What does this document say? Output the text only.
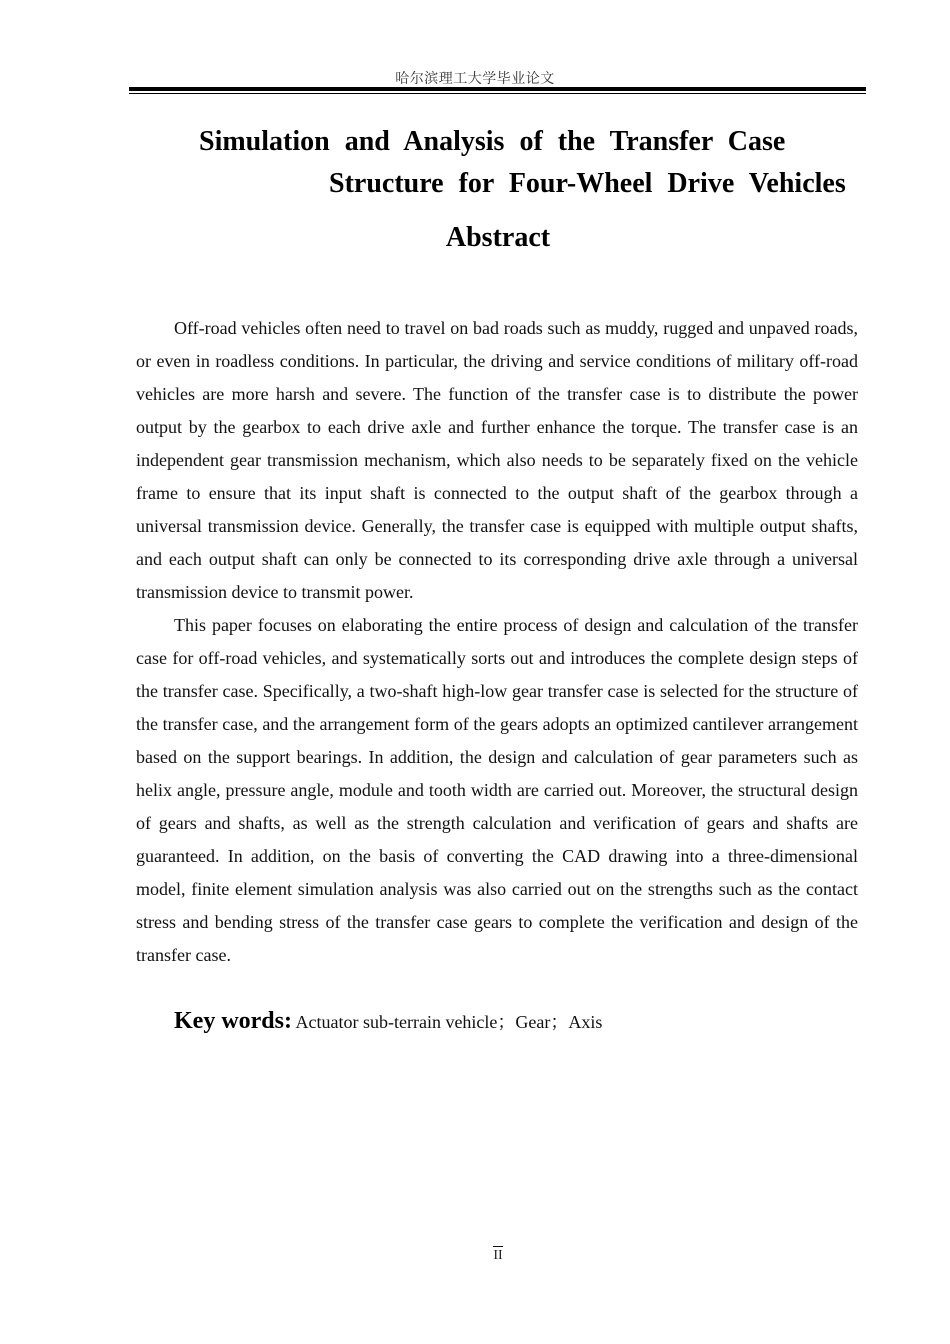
哈尔滨理工大学毕业论文
Simulation and Analysis of the Transfer Case
Structure for Four-Wheel Drive Vehicles
Abstract

Off-road vehicles often need to travel on bad roads such as muddy, rugged and unpaved roads, or even in roadless conditions. In particular, the driving and service conditions of military off-road vehicles are more harsh and severe. The function of the transfer case is to distribute the power output by the gearbox to each drive axle and further enhance the torque. The transfer case is an independent gear transmission mechanism, which also needs to be separately fixed on the vehicle frame to ensure that its input shaft is connected to the output shaft of the gearbox through a universal transmission device. Generally, the transfer case is equipped with multiple output shafts, and each output shaft can only be connected to its corresponding drive axle through a universal transmission device to transmit power.

This paper focuses on elaborating the entire process of design and calculation of the transfer case for off-road vehicles, and systematically sorts out and introduces the complete design steps of the transfer case. Specifically, a two-shaft high-low gear transfer case is selected for the structure of the transfer case, and the arrangement form of the gears adopts an optimized cantilever arrangement based on the support bearings. In addition, the design and calculation of gear parameters such as helix angle, pressure angle, module and tooth width are carried out. Moreover, the structural design of gears and shafts, as well as the strength calculation and verification of gears and shafts are guaranteed. In addition, on the basis of converting the CAD drawing into a three-dimensional model, finite element simulation analysis was also carried out on the strengths such as the contact stress and bending stress of the transfer case gears to complete the verification and design of the transfer case.

Key words: Actuator sub-terrain vehicle；Gear；Axis
II
